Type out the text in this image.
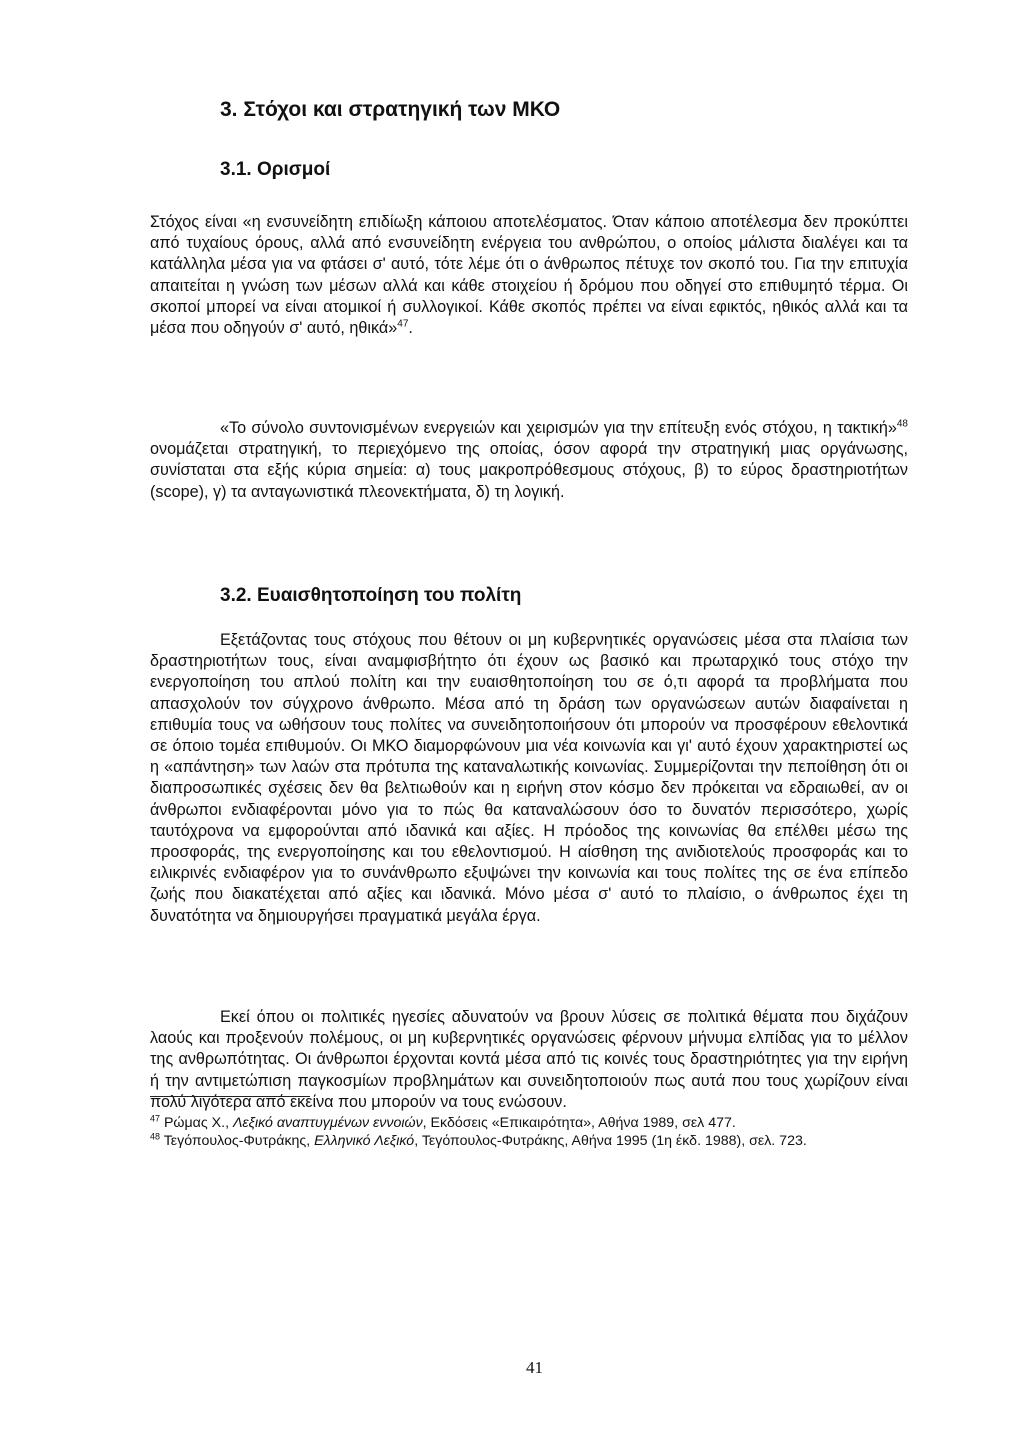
3. Στόχοι και στρατηγική των ΜΚΟ
3.1. Ορισμοί

Στόχος είναι «η ενσυνείδητη επιδίωξη κάποιου αποτελέσματος. Όταν κάποιο αποτέλεσμα δεν προκύπτει από τυχαίους όρους, αλλά από ενσυνείδητη ενέργεια του ανθρώπου, ο οποίος μάλιστα διαλέγει και τα κατάλληλα μέσα για να φτάσει σ' αυτό, τότε λέμε ότι ο άνθρωπος πέτυχε τον σκοπό του. Για την επιτυχία απαιτείται η γνώση των μέσων αλλά και κάθε στοιχείου ή δρόμου που οδηγεί στο επιθυμητό τέρμα. Οι σκοποί μπορεί να είναι ατομικοί ή συλλογικοί. Κάθε σκοπός πρέπει να είναι εφικτός, ηθικός αλλά και τα μέσα που οδηγούν σ' αυτό, ηθικά»$^{47}$.

«Το σύνολο συντονισμένων ενεργειών και χειρισμών για την επίτευξη ενός στόχου, η τακτική»$^{48}$ ονομάζεται στρατηγική, το περιεχόμενο της οποίας, όσον αφορά την στρατηγική μιας οργάνωσης, συνίσταται στα εξής κύρια σημεία: α) τους μακροπρόθεσμους στόχους, β) το εύρος δραστηριοτήτων (scope), γ) τα ανταγωνιστικά πλεονεκτήματα, δ) τη λογική.

3.2. Ευαισθητοποίηση του πολίτη

Εξετάζοντας τους στόχους που θέτουν οι μη κυβερνητικές οργανώσεις μέσα στα πλαίσια των δραστηριοτήτων τους, είναι αναμφισβήτητο ότι έχουν ως βασικό και πρωταρχικό τους στόχο την ενεργοποίηση του απλού πολίτη και την ευαισθητοποίηση του σε ό,τι αφορά τα προβλήματα που απασχολούν τον σύγχρονο άνθρωπο. Μέσα από τη δράση των οργανώσεων αυτών διαφαίνεται η επιθυμία τους να ωθήσουν τους πολίτες να συνειδητοποιήσουν ότι μπορούν να προσφέρουν εθελοντικά σε όποιο τομέα επιθυμούν. Οι ΜΚΟ διαμορφώνουν μια νέα κοινωνία και γι' αυτό έχουν χαρακτηριστεί ως η «απάντηση» των λαών στα πρότυπα της καταναλωτικής κοινωνίας. Συμμερίζονται την πεποίθηση ότι οι διαπροσωπικές σχέσεις δεν θα βελτιωθούν και η ειρήνη στον κόσμο δεν πρόκειται να εδραιωθεί, αν οι άνθρωποι ενδιαφέρονται μόνο για το πώς θα καταναλώσουν όσο το δυνατόν περισσότερο, χωρίς ταυτόχρονα να εμφορούνται από ιδανικά και αξίες. Η πρόοδος της κοινωνίας θα επέλθει μέσω της προσφοράς, της ενεργοποίησης και του εθελοντισμού. Η αίσθηση της ανιδιοτελούς προσφοράς και το ειλικρινές ενδιαφέρον για το συνάνθρωπο εξυψώνει την κοινωνία και τους πολίτες της σε ένα επίπεδο ζωής που διακατέχεται από αξίες και ιδανικά. Μόνο μέσα σ' αυτό το πλαίσιο, ο άνθρωπος έχει τη δυνατότητα να δημιουργήσει πραγματικά μεγάλα έργα.

Εκεί όπου οι πολιτικές ηγεσίες αδυνατούν να βρουν λύσεις σε πολιτικά θέματα που διχάζουν λαούς και προξενούν πολέμους, οι μη κυβερνητικές οργανώσεις φέρνουν μήνυμα ελπίδας για το μέλλον της ανθρωπότητας. Οι άνθρωποι έρχονται κοντά μέσα από τις κοινές τους δραστηριότητες για την ειρήνη ή την αντιμετώπιση παγκοσμίων προβλημάτων και συνειδητοποιούν πως αυτά που τους χωρίζουν είναι πολύ λιγότερα από εκείνα που μπορούν να τους ενώσουν.

$^{47}$ Ρώμας Χ., Λεξικό αναπτυγμένων εννοιών, Εκδόσεις «Επικαιρότητα», Αθήνα 1989, σελ 477.

$^{48}$ Τεγόπουλος-Φυτράκης, Ελληνικό Λεξικό, Τεγόπουλος-Φυτράκης, Αθήνα 1995 (1η έκδ. 1988), σελ. 723.

41
